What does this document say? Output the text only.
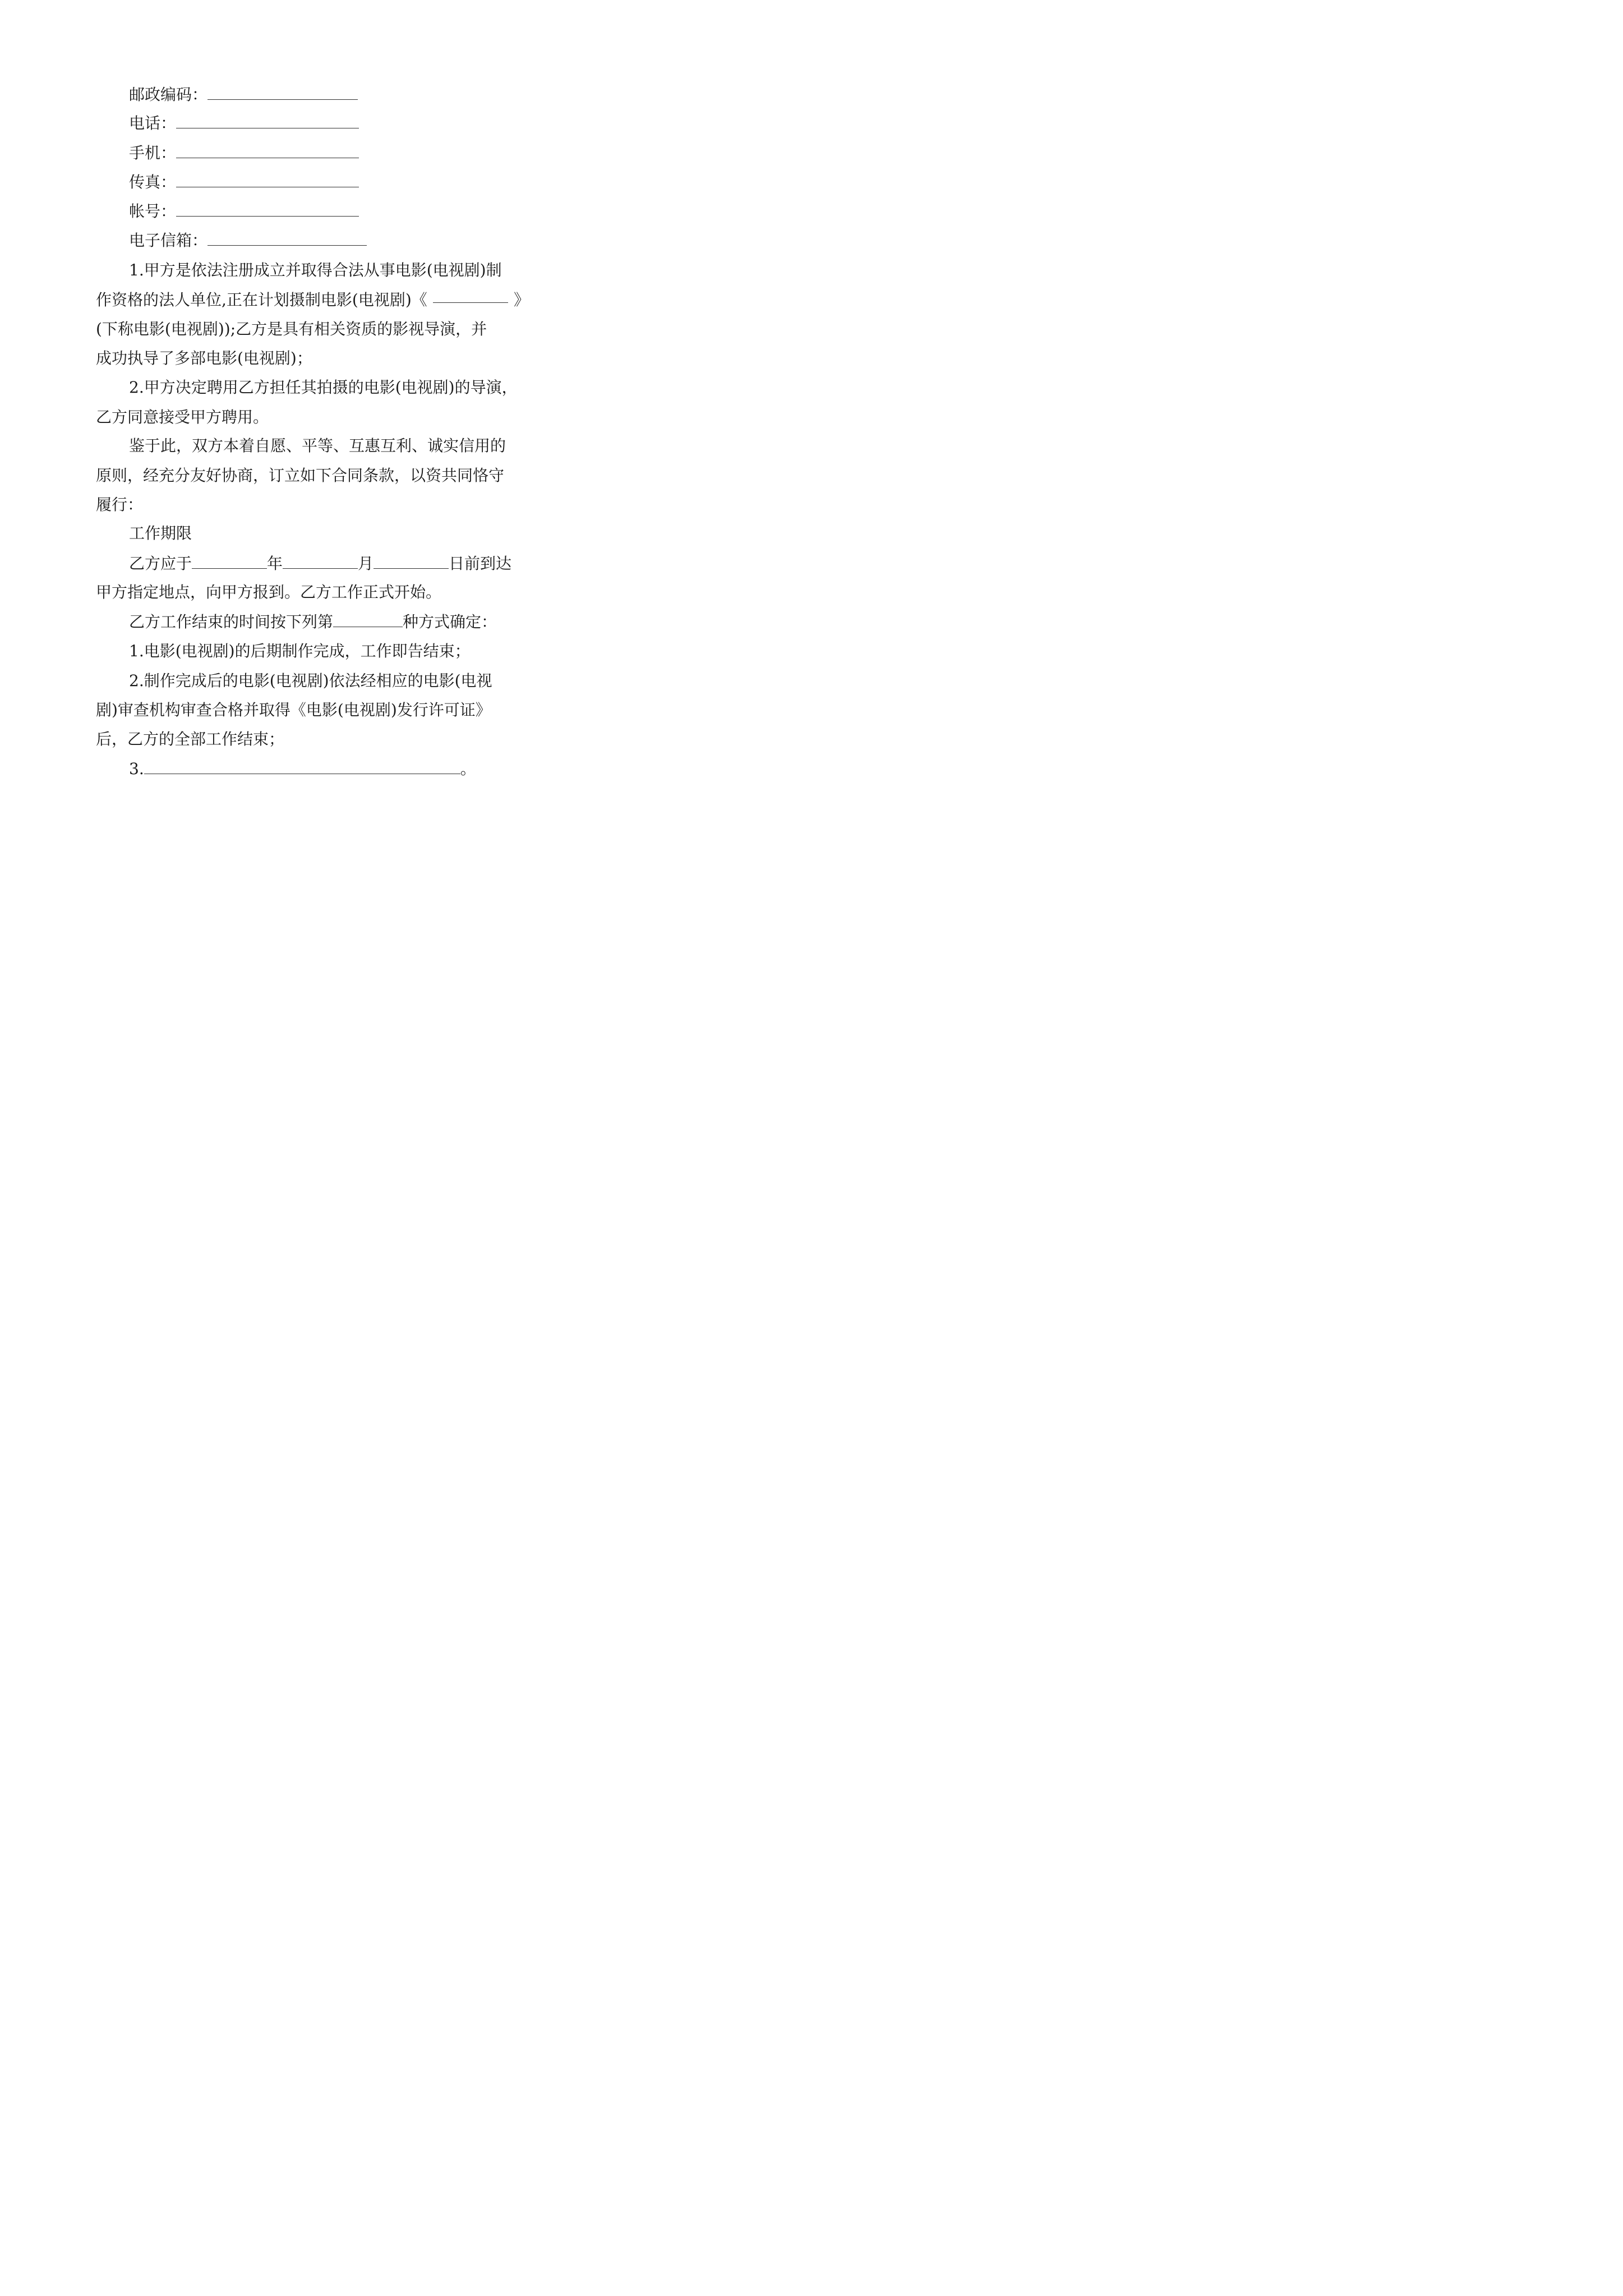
邮政编码：
电话：
手机：
传真：
帐号：
电子信箱：
1.甲方是依法注册成立并取得合法从事电影(电视剧)制
作资格的法人单位,正在计划摄制电影(电视剧)《	》
(下称电影(电视剧));乙方是具有相关资质的影视导演，并
成功执导了多部电影(电视剧)；
2.甲方决定聘用乙方担任其拍摄的电影(电视剧)的导演，
乙方同意接受甲方聘用。
鉴于此，双方本着自愿、平等、互惠互利、诚实信用的
原则，经充分友好协商，订立如下合同条款，以资共同恪守
履行：
工作期限
乙方应于	年	月	日前到达
甲方指定地点，向甲方报到。乙方工作正式开始。
乙方工作结束的时间按下列第	种方式确定：
1.电影(电视剧)的后期制作完成，工作即告结束；
2.制作完成后的电影(电视剧)依法经相应的电影(电视
剧)审查机构审查合格并取得《电影(电视剧)发行许可证》
后，乙方的全部工作结束；
3.	。
